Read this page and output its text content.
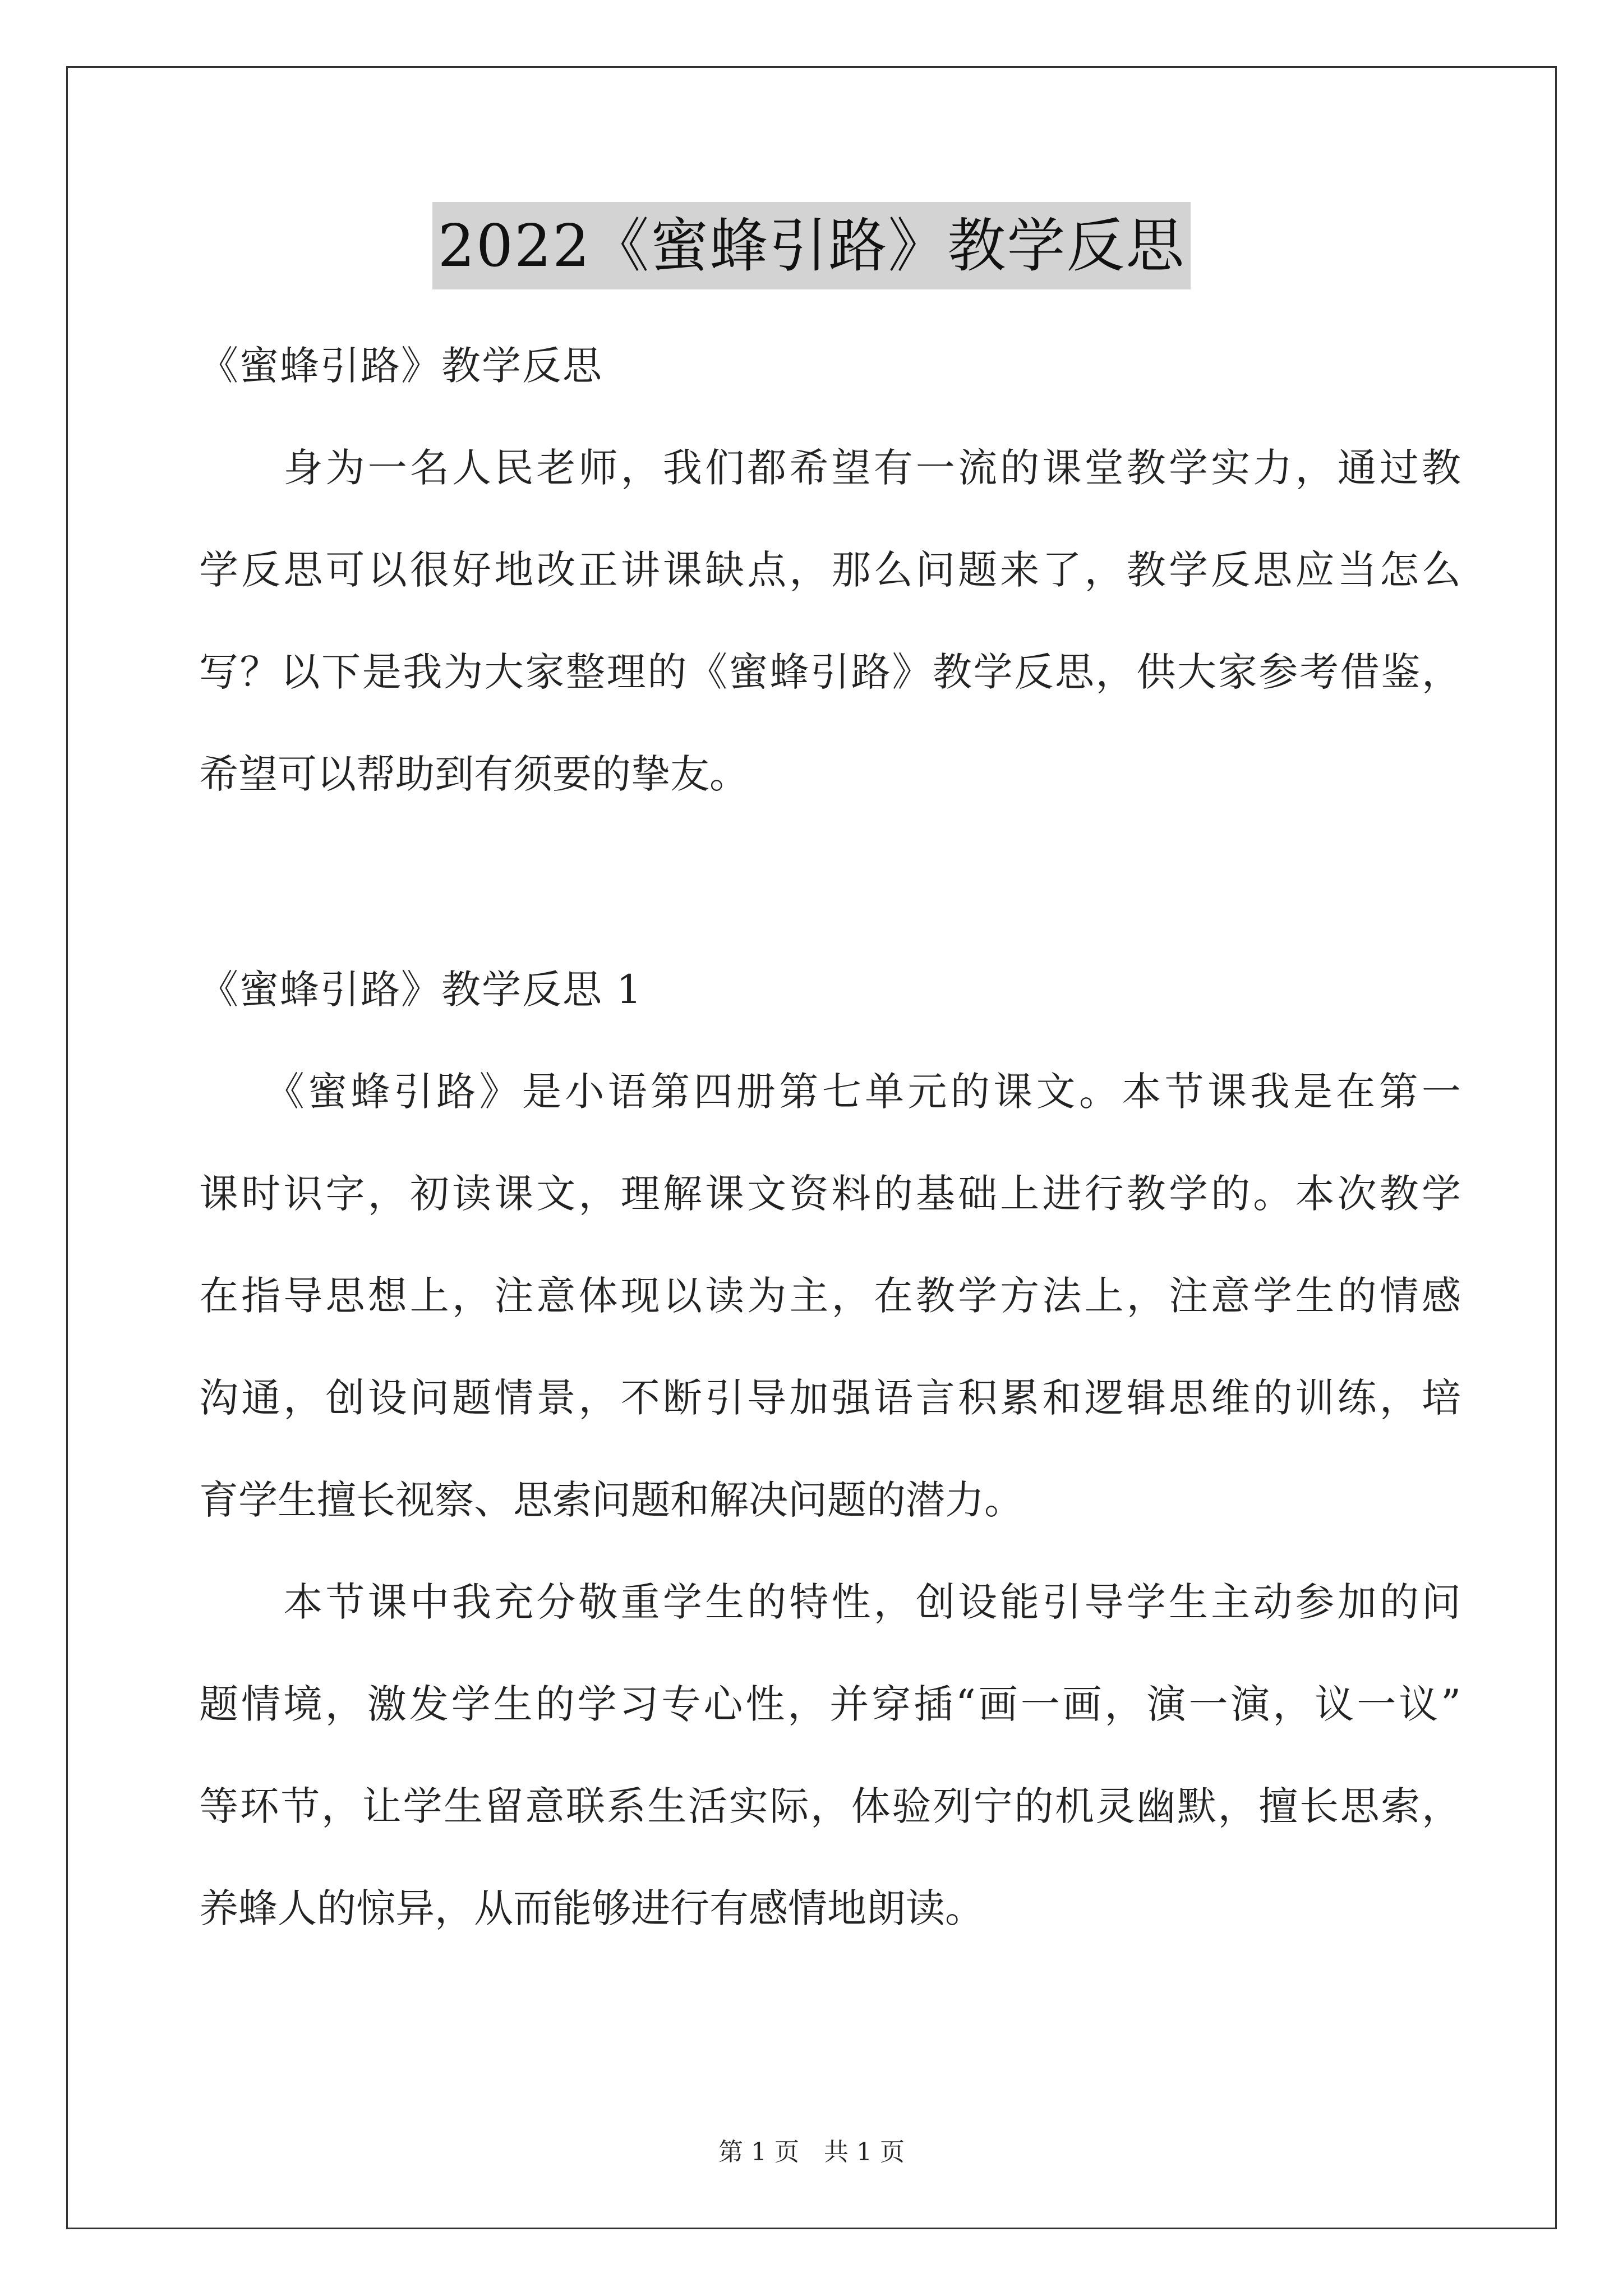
2022《蜜蜂引路》教学反思

《蜜蜂引路》教学反思

　　身为一名人民老师，我们都希望有一流的课堂教学实力，通过教

学反思可以很好地改正讲课缺点，那么问题来了，教学反思应当怎么

写？以下是我为大家整理的《蜜蜂引路》教学反思，供大家参考借鉴，

希望可以帮助到有须要的挚友。

《蜜蜂引路》教学反思 1

　　《蜜蜂引路》是小语第四册第七单元的课文。本节课我是在第一

课时识字，初读课文，理解课文资料的基础上进行教学的。本次教学

在指导思想上，注意体现以读为主，在教学方法上，注意学生的情感

沟通，创设问题情景，不断引导加强语言积累和逻辑思维的训练，培

育学生擅长视察、思索问题和解决问题的潜力。

　　本节课中我充分敬重学生的特性，创设能引导学生主动参加的问

题情境，激发学生的学习专心性，并穿插“画一画，演一演，议一议”

等环节，让学生留意联系生活实际，体验列宁的机灵幽默，擅长思索，

养蜂人的惊异，从而能够进行有感情地朗读。

第 1 页　共 1 页
